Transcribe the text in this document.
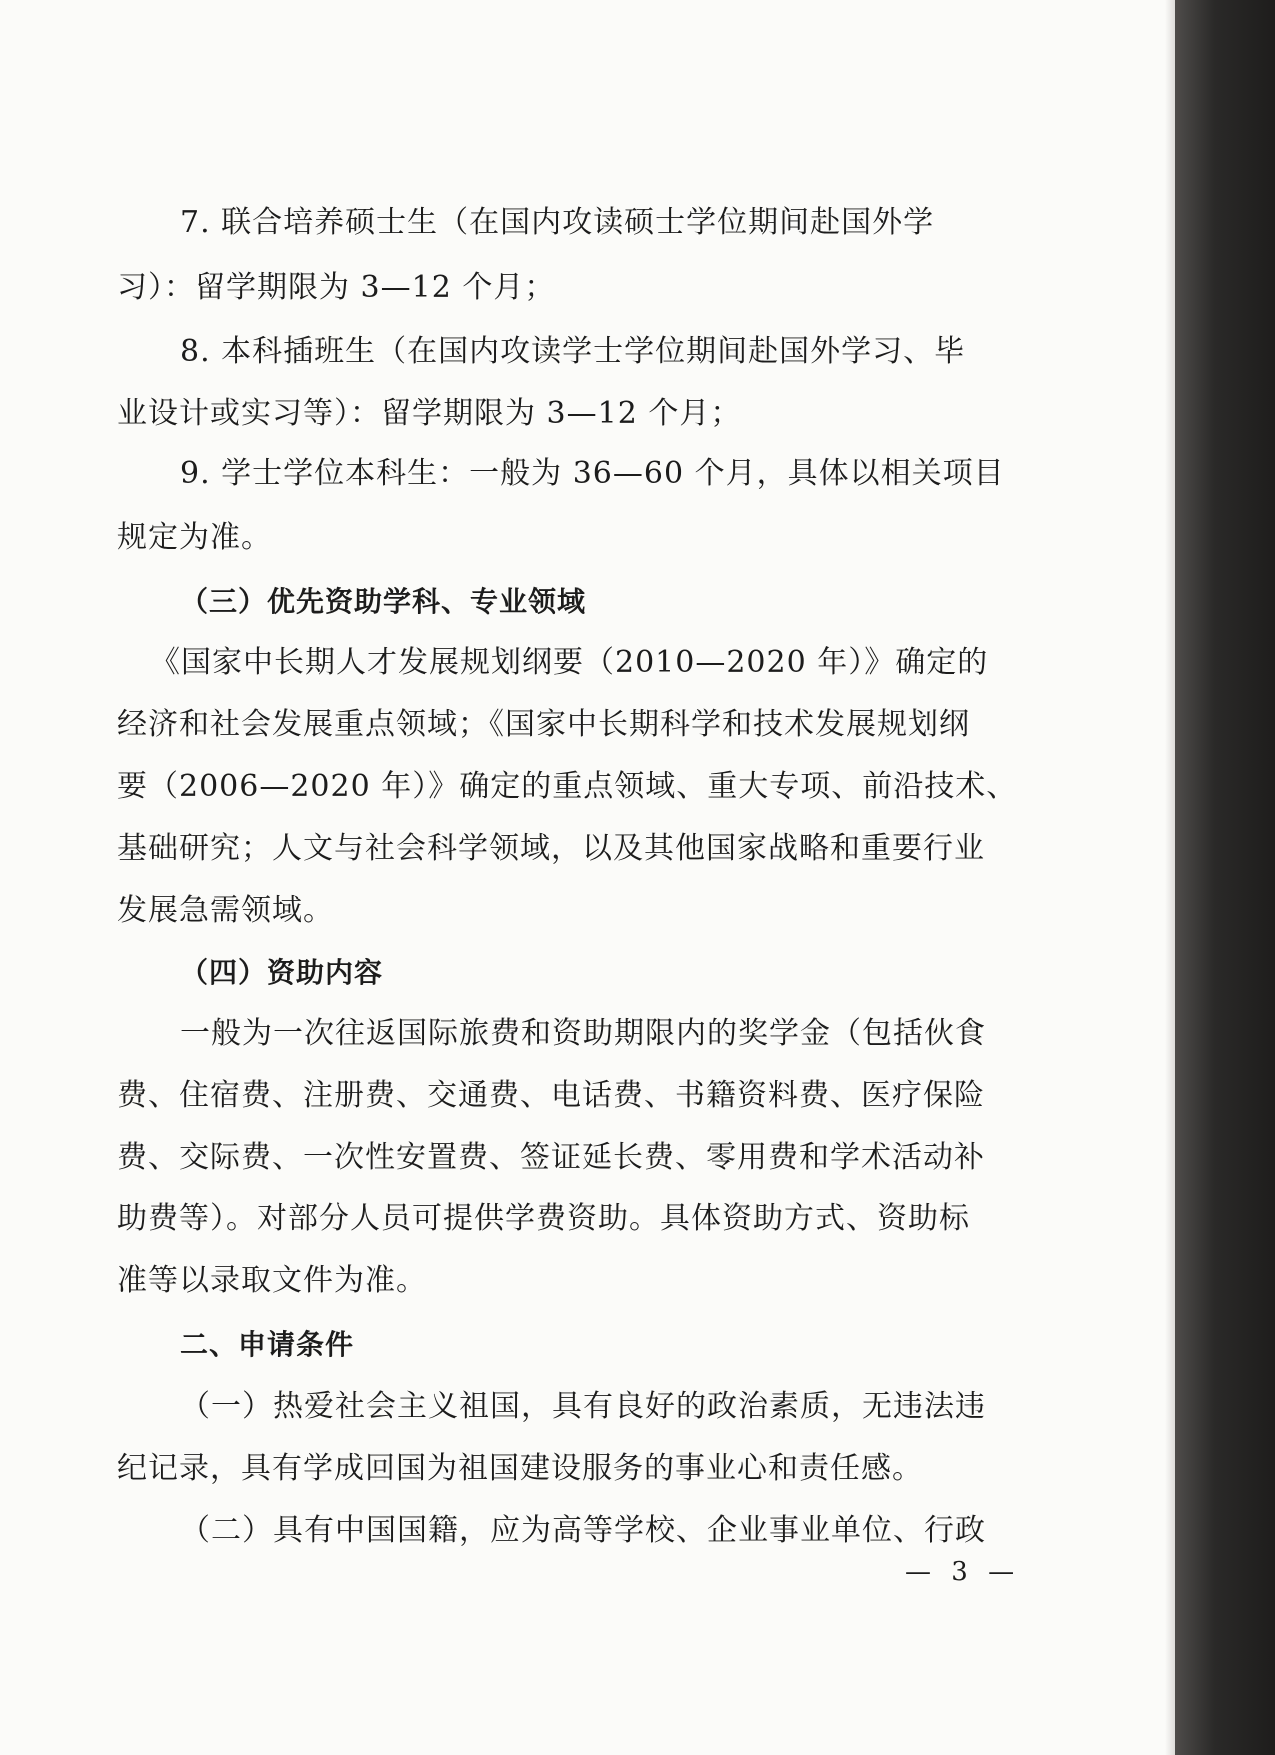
7. 联合培养硕士生（在国内攻读硕士学位期间赴国外学
习）：留学期限为 3—12 个月；
8. 本科插班生（在国内攻读学士学位期间赴国外学习、毕
业设计或实习等）：留学期限为 3—12 个月；
9. 学士学位本科生：一般为 36—60 个月，具体以相关项目
规定为准。
（三）优先资助学科、专业领域
《国家中长期人才发展规划纲要（2010—2020 年）》确定的
经济和社会发展重点领域；《国家中长期科学和技术发展规划纲
要（2006—2020 年）》确定的重点领域、重大专项、前沿技术、
基础研究；人文与社会科学领域，以及其他国家战略和重要行业
发展急需领域。
（四）资助内容
一般为一次往返国际旅费和资助期限内的奖学金（包括伙食
费、住宿费、注册费、交通费、电话费、书籍资料费、医疗保险
费、交际费、一次性安置费、签证延长费、零用费和学术活动补
助费等）。对部分人员可提供学费资助。具体资助方式、资助标
准等以录取文件为准。
二、申请条件
（一）热爱社会主义祖国，具有良好的政治素质，无违法违
纪记录，具有学成回国为祖国建设服务的事业心和责任感。
（二）具有中国国籍，应为高等学校、企业事业单位、行政
— 3 —
